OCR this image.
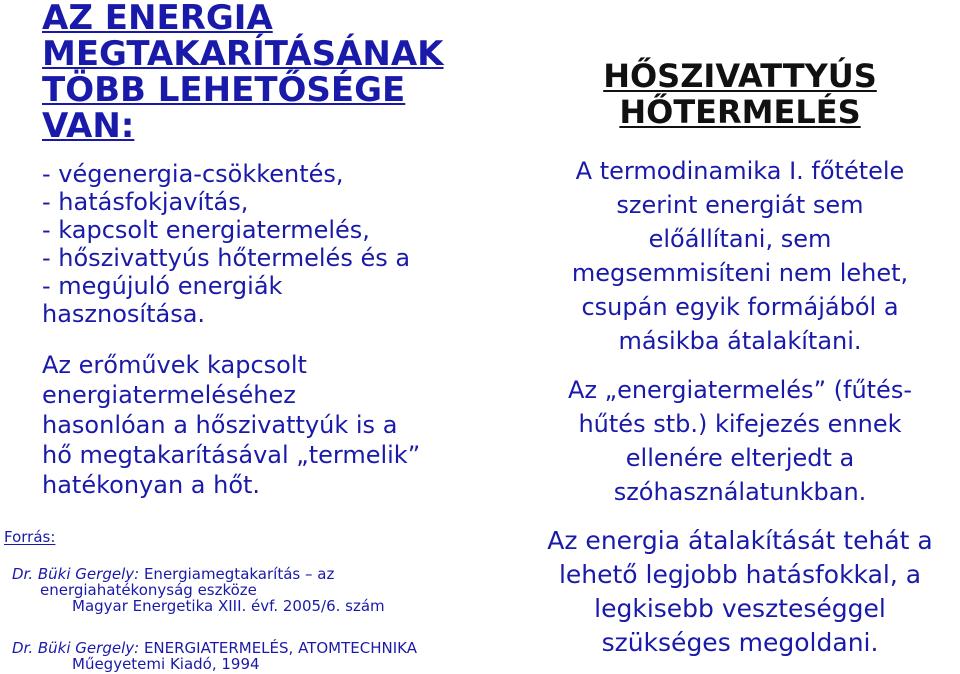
AZ ENERGIA
MEGTAKARÍTÁSÁNAK
TÖBB LEHETŐSÉGE
VAN:
- végenergia-csökkentés,
- hatásfokjavítás,
- kapcsolt energiatermelés,
- hőszivattyús hőtermelés és a
- megújuló energiák
hasznosítása.
Az erőművek kapcsolt
energiatermeléséhez
hasonlóan a hőszivattyúk is a
hő megtakarításával „termelik”
hatékonyan a hőt.
Forrás:
Dr. Büki Gergely: Energiamegtakarítás – az
energiahatékonyság eszköze
Magyar Energetika XIII. évf. 2005/6. szám
Dr. Büki Gergely: ENERGIATERMELÉS, ATOMTECHNIKA
Műegyetemi Kiadó, 1994
HŐSZIVATTYÚS
HŐTERMELÉS
A termodinamika I. főtétele
szerint energiát sem
előállítani, sem
megsemmisíteni nem lehet,
csupán egyik formájából a
másikba átalakítani.
Az „energiatermelés” (fűtés-
hűtés stb.) kifejezés ennek
ellenére elterjedt a
szóhasználatunkban.
Az energia átalakítását tehát a
lehető legjobb hatásfokkal, a
legkisebb veszteséggel
szükséges megoldani.
